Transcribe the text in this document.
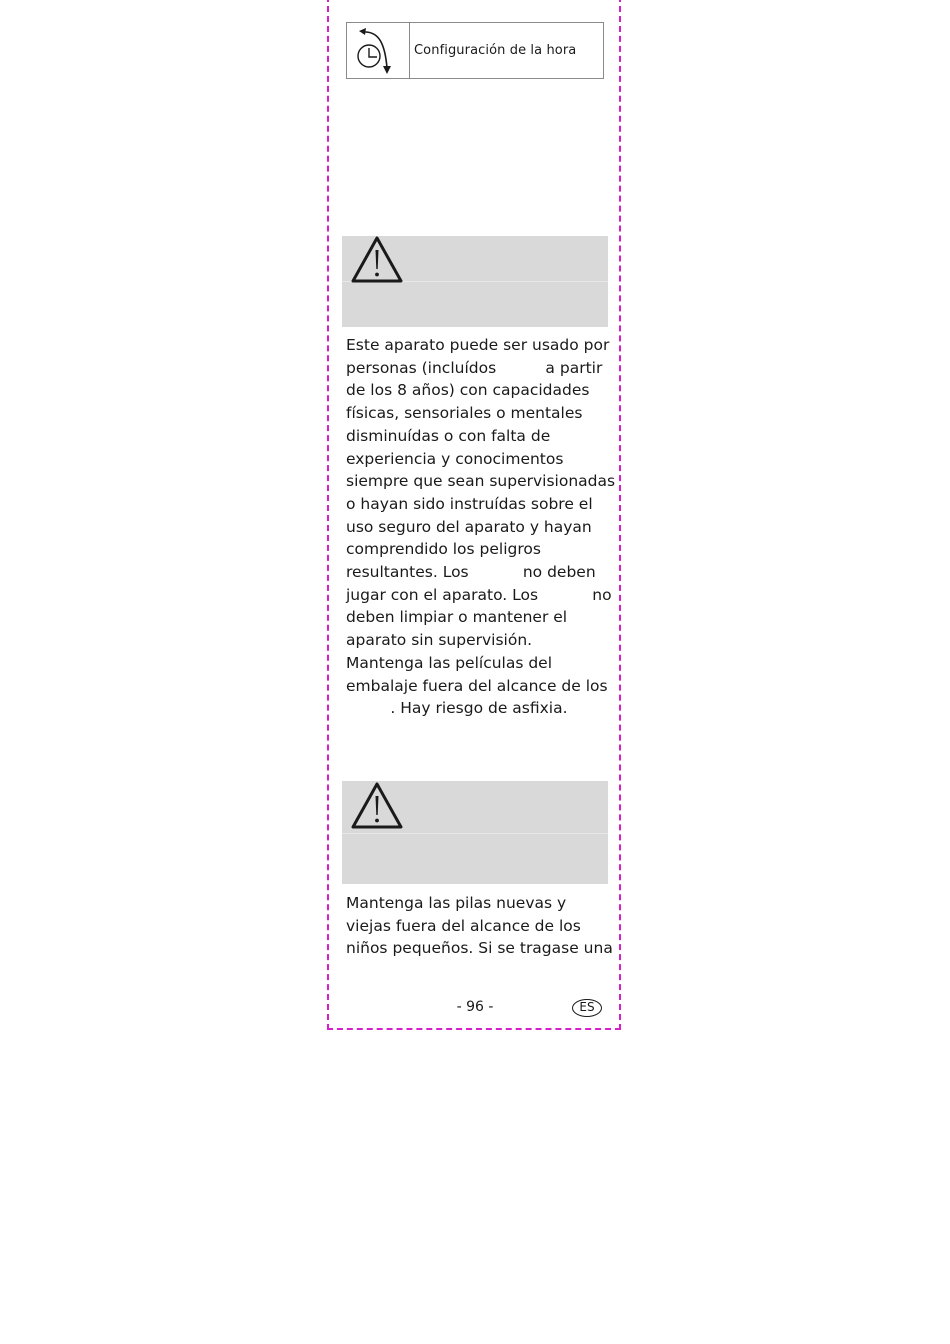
Configuración de la hora
Este aparato puede ser usado por
personas (incluídos          a partir
de los 8 años) con capacidades
físicas, sensoriales o mentales
disminuídas o con falta de
experiencia y conocimentos
siempre que sean supervisionadas
o hayan sido instruídas sobre el
uso seguro del aparato y hayan
comprendido los peligros
resultantes. Los           no deben
jugar con el aparato. Los           no
deben limpiar o mantener el
aparato sin supervisión.
Mantenga las películas del
embalaje fuera del alcance de los
. Hay riesgo de asfixia.
Mantenga las pilas nuevas y
viejas fuera del alcance de los
niños pequeños. Si se tragase una
- 96 -	ES
